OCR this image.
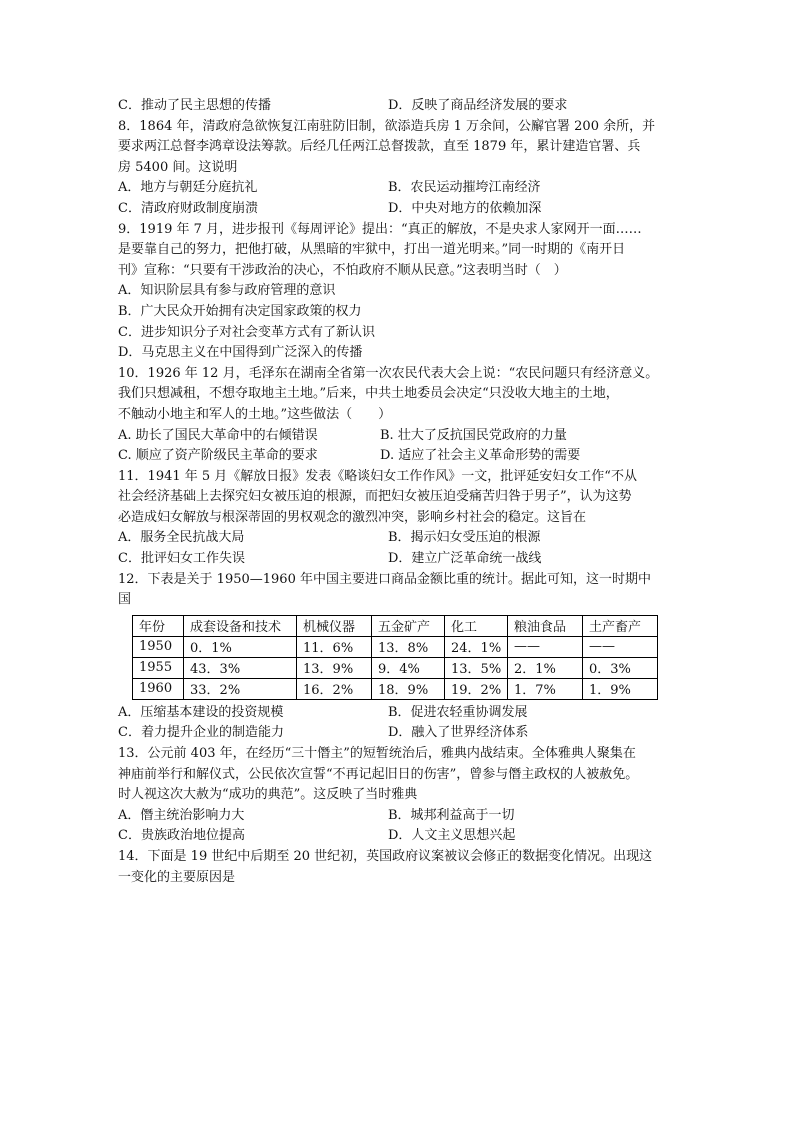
C．推动了民主思想的传播	D．反映了商品经济发展的要求
8．1864 年，清政府急欲恢复江南驻防旧制，欲添造兵房 1 万余间，公廨官署 200 余所，并
要求两江总督李鸿章设法筹款。后经几任两江总督拨款，直至 1879 年，累计建造官署、兵
房 5400 间。这说明
A．地方与朝廷分庭抗礼	B．农民运动摧垮江南经济
C．清政府财政制度崩溃	D．中央对地方的依赖加深
9．1919 年 7 月，进步报刊《每周评论》提出：“真正的解放，不是央求人家网开一面……
是要靠自己的努力，把他打破，从黑暗的牢狱中，打出一道光明来。”同一时期的《南开日
刊》宣称：“只要有干涉政治的决心，不怕政府不顺从民意。”这表明当时（　）
A．知识阶层具有参与政府管理的意识
B．广大民众开始拥有决定国家政策的权力
C．进步知识分子对社会变革方式有了新认识
D．马克思主义在中国得到广泛深入的传播
10．1926 年 12 月，毛泽东在湖南全省第一次农民代表大会上说：“农民问题只有经济意义。
我们只想减租，不想夺取地主土地。”后来，中共土地委员会决定“只没收大地主的土地，
不触动小地主和军人的土地。”这些做法（　　）
A. 助长了国民大革命中的右倾错误	B. 壮大了反抗国民党政府的力量
C. 顺应了资产阶级民主革命的要求	D. 适应了社会主义革命形势的需要
11．1941 年 5 月《解放日报》发表《略谈妇女工作作风》一文，批评延安妇女工作“不从
社会经济基础上去探究妇女被压迫的根源，而把妇女被压迫受痛苦归咎于男子”，认为这势
必造成妇女解放与根深蒂固的男权观念的激烈冲突，影响乡村社会的稳定。这旨在
A．服务全民抗战大局	B．揭示妇女受压迫的根源
C．批评妇女工作失误	D．建立广泛革命统一战线
12．下表是关于 1950—1960 年中国主要进口商品金额比重的统计。据此可知，这一时期中
国
年份	成套设备和技术	机械仪器	五金矿产	化工	粮油食品	土产畜产
1950	0．1%	11．6%	13．8%	24．1%	——	——
1955	43．3%	13．9%	9．4%	13．5%	2．1%	0．3%
1960	33．2%	16．2%	18．9%	19．2%	1．7%	1．9%
A．压缩基本建设的投资规模	B．促进农轻重协调发展
C．着力提升企业的制造能力	D．融入了世界经济体系
13．公元前 403 年，在经历“三十僭主”的短暂统治后，雅典内战结束。全体雅典人聚集在
神庙前举行和解仪式，公民依次宣誓“不再记起旧日的伤害”，曾参与僭主政权的人被赦免。
时人视这次大赦为“成功的典范”。这反映了当时雅典
A．僭主统治影响力大	B．城邦利益高于一切
C．贵族政治地位提高	D．人文主义思想兴起
14．下面是 19 世纪中后期至 20 世纪初，英国政府议案被议会修正的数据变化情况。出现这
一变化的主要原因是
